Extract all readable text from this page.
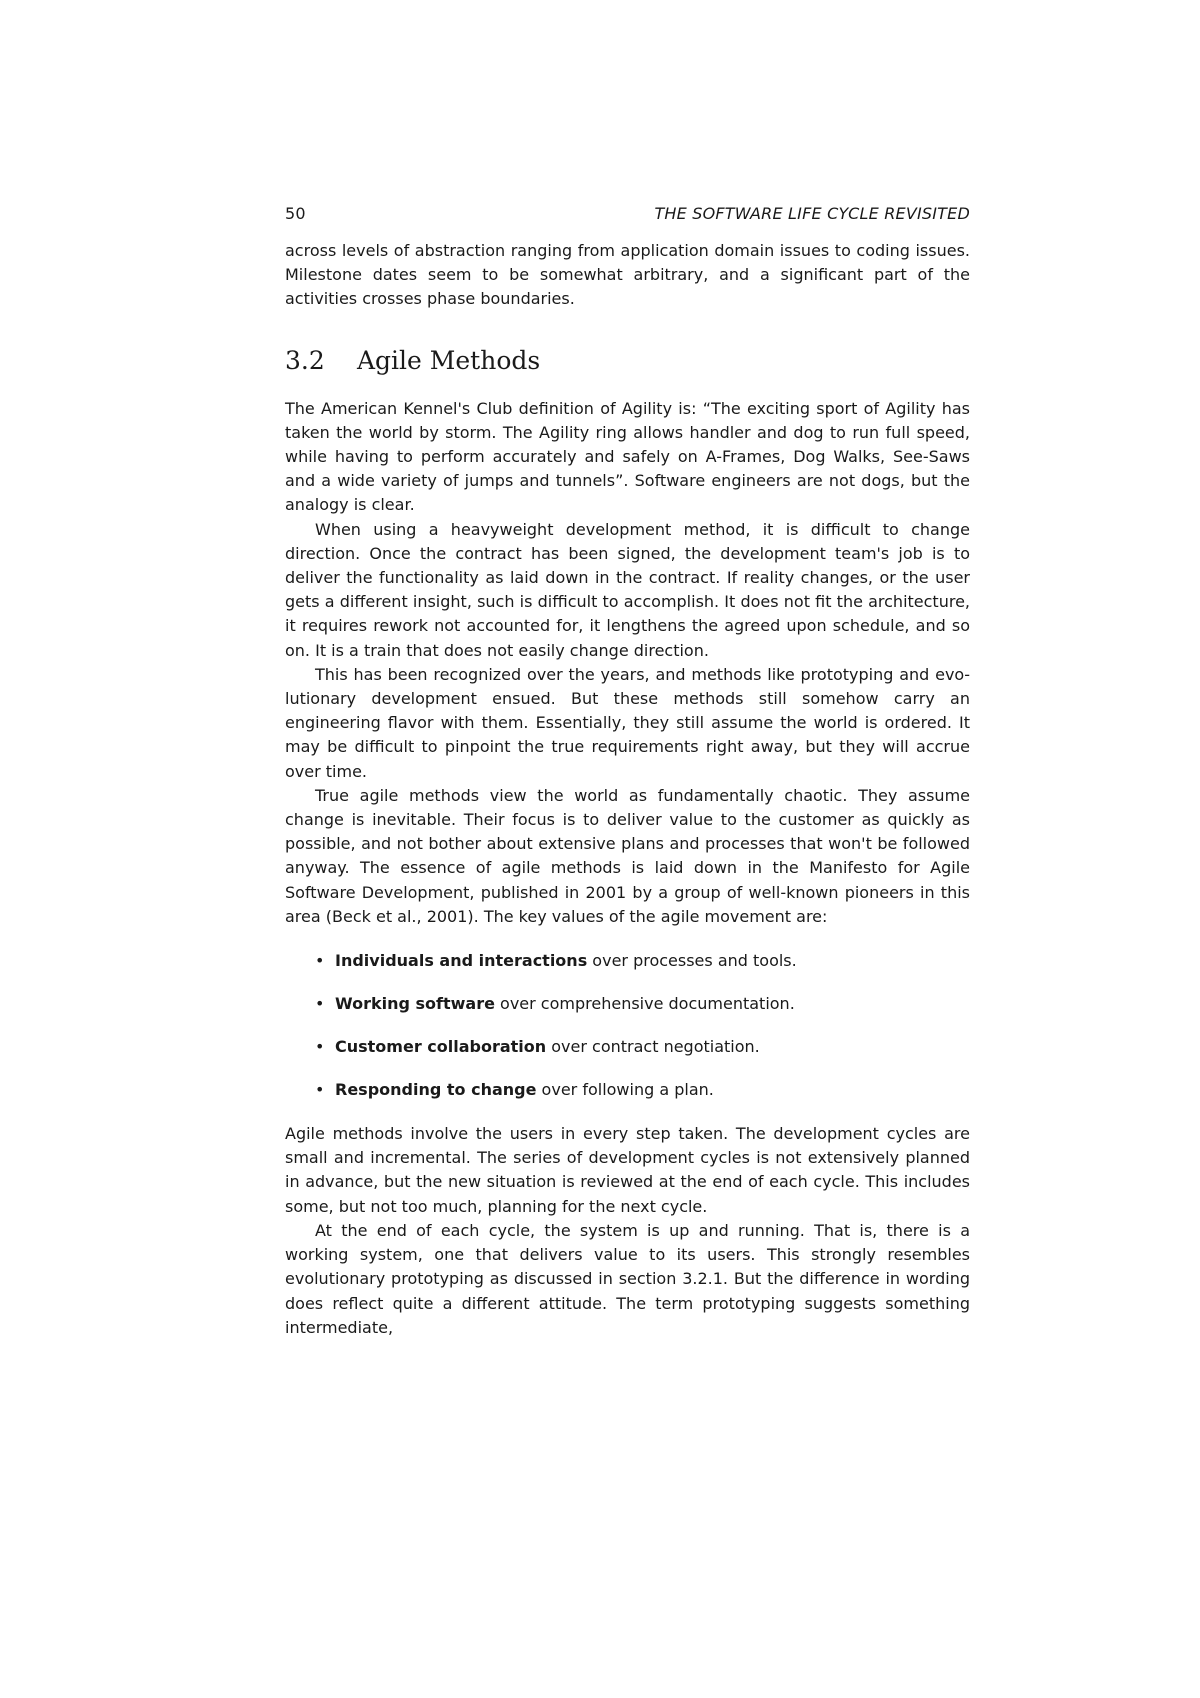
50	THE SOFTWARE LIFE CYCLE REVISITED

across levels of abstraction ranging from application domain issues to coding issues. Milestone dates seem to be somewhat arbitrary, and a significant part of the activities crosses phase boundaries.

3.2	Agile Methods

The American Kennel's Club definition of Agility is: “The exciting sport of Agility has taken the world by storm. The Agility ring allows handler and dog to run full speed, while having to perform accurately and safely on A-Frames, Dog Walks, See-Saws and a wide variety of jumps and tunnels”. Software engineers are not dogs, but the analogy is clear.

When using a heavyweight development method, it is difficult to change direction. Once the contract has been signed, the development team's job is to deliver the functionality as laid down in the contract. If reality changes, or the user gets a different insight, such is difficult to accomplish. It does not fit the architecture, it requires rework not accounted for, it lengthens the agreed upon schedule, and so on. It is a train that does not easily change direction.

This has been recognized over the years, and methods like prototyping and evolutionary development ensued. But these methods still somehow carry an engineering flavor with them. Essentially, they still assume the world is ordered. It may be difficult to pinpoint the true requirements right away, but they will accrue over time.

True agile methods view the world as fundamentally chaotic. They assume change is inevitable. Their focus is to deliver value to the customer as quickly as possible, and not bother about extensive plans and processes that won't be followed anyway. The essence of agile methods is laid down in the Manifesto for Agile Software Development, published in 2001 by a group of well-known pioneers in this area (Beck et al., 2001). The key values of the agile movement are:

• Individuals and interactions over processes and tools.
• Working software over comprehensive documentation.
• Customer collaboration over contract negotiation.
• Responding to change over following a plan.

Agile methods involve the users in every step taken. The development cycles are small and incremental. The series of development cycles is not extensively planned in advance, but the new situation is reviewed at the end of each cycle. This includes some, but not too much, planning for the next cycle.

At the end of each cycle, the system is up and running. That is, there is a working system, one that delivers value to its users. This strongly resembles evolutionary prototyping as discussed in section 3.2.1. But the difference in wording does reflect quite a different attitude. The term prototyping suggests something intermediate,
